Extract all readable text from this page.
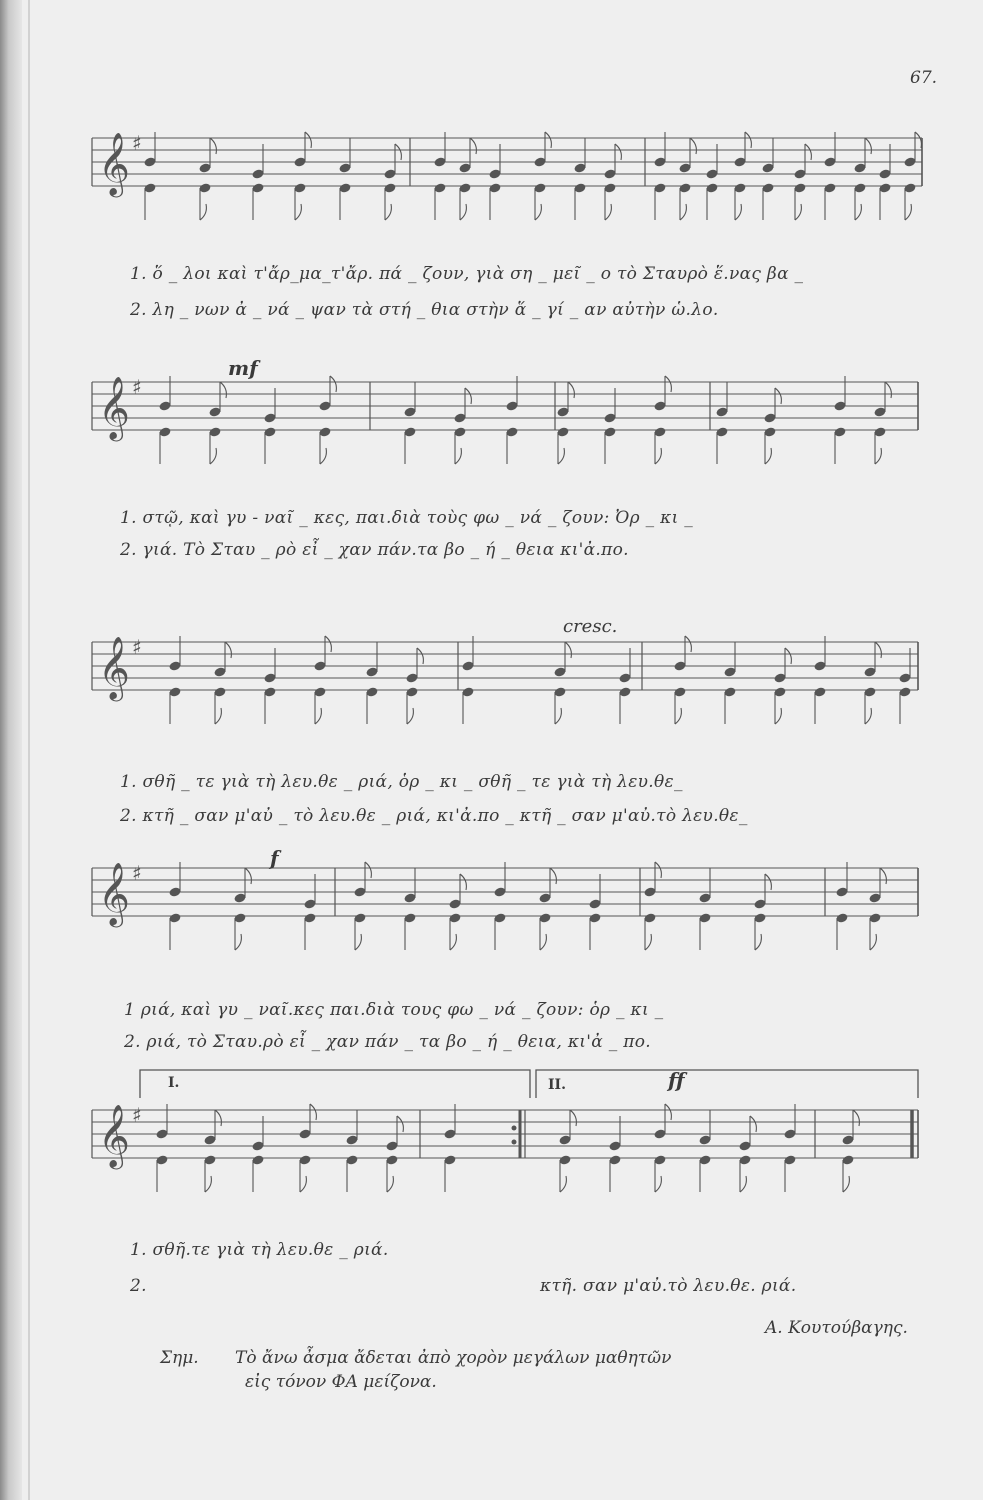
67.
𝄞 ♯
𝄞 ♯
𝄞 ♯
𝄞 ♯
𝄞 ♯
mf
cresc.
f
ff
I.	II.
1. ὅ _ λοι καὶ τ'ἄρ_μα_τ'ἄρ. πά _ ζουν, γιὰ ση _ μεῖ _ ο τὸ Σταυρὸ ἕ.νας βα _
2. λη _ νων ἀ _ νά _ ψαν τὰ στή _ θια στὴν ἅ _ γί _ αν αὐτὴν ὡ.λο.
1. στῷ, καὶ γυ - ναῖ _ κες, παι.διὰ τοὺς φω _ νά _ ζουν: Ὀρ _ κι _
2. γιά. Τὸ Σταυ _ ρὸ εἶ _ χαν πάν.τα βο _ ή _ θεια κι'ἀ.πο.
1. σθῆ _ τε γιὰ τὴ λευ.θε _ ριά, ὁρ _ κι _ σθῆ _ τε γιὰ τὴ λευ.θε_
2. κτῆ _ σαν μ'αὐ _ τὸ λευ.θε _ ριά, κι'ἀ.πο _ κτῆ _ σαν μ'αὐ.τὸ λευ.θε_
1 ριά, καὶ γυ _ ναῖ.κες παι.διὰ τους φω _ νά _ ζουν: ὁρ _ κι _
2. ριά, τὸ Σταυ.ρὸ εἶ _ χαν πάν _ τα βο _ ή _ θεια, κι'ἀ _ πο.
1. σθῆ.τε γιὰ τὴ λευ.θε _ ριά.
2.	κτῆ. σαν μ'αὐ.τὸ λευ.θε. ριά.
Α. Κουτούβαγης.
Σημ. Τὸ ἄνω ἆσμα ἄδεται ἀπὸ χορὸν μεγάλων μαθητῶν
εἰς τόνον ΦΑ μείζονα.
